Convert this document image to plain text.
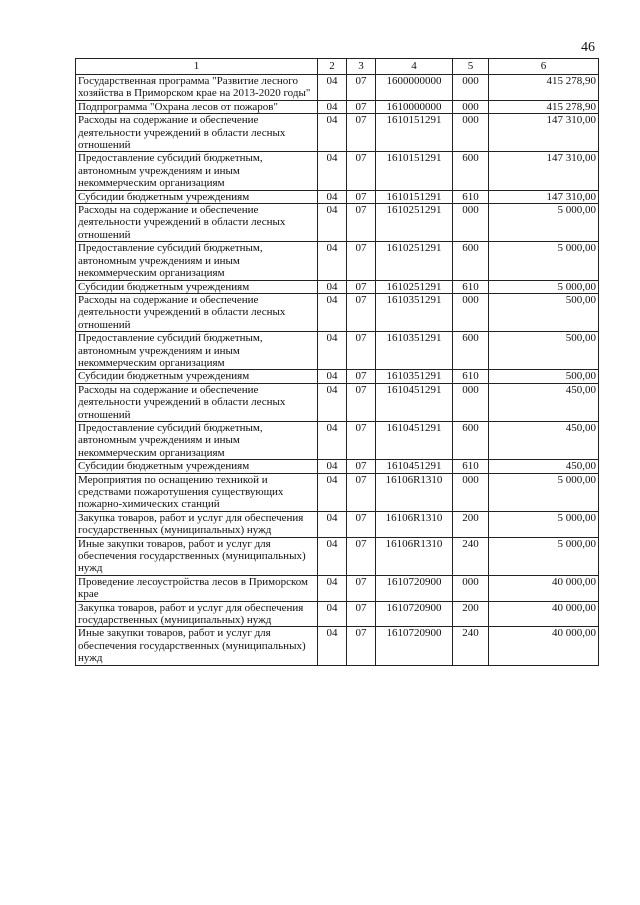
46
1	2	3	4	5	6
Государственная программа "Развитие лесного хозяйства в Приморском крае на 2013-2020 годы"	04	07	1600000000	000	415 278,90
Подпрограмма "Охрана лесов от пожаров"	04	07	1610000000	000	415 278,90
Расходы на содержание и обеспечение деятельности учреждений в области лесных отношений	04	07	1610151291	000	147 310,00
Предоставление субсидий бюджетным, автономным учреждениям и иным некоммерческим организациям	04	07	1610151291	600	147 310,00
Субсидии бюджетным учреждениям	04	07	1610151291	610	147 310,00
Расходы на содержание и обеспечение деятельности учреждений в области лесных отношений	04	07	1610251291	000	5 000,00
Предоставление субсидий бюджетным, автономным учреждениям и иным некоммерческим организациям	04	07	1610251291	600	5 000,00
Субсидии бюджетным учреждениям	04	07	1610251291	610	5 000,00
Расходы на содержание и обеспечение деятельности учреждений в области лесных отношений	04	07	1610351291	000	500,00
Предоставление субсидий бюджетным, автономным учреждениям и иным некоммерческим организациям	04	07	1610351291	600	500,00
Субсидии бюджетным учреждениям	04	07	1610351291	610	500,00
Расходы на содержание и обеспечение деятельности учреждений в области лесных отношений	04	07	1610451291	000	450,00
Предоставление субсидий бюджетным, автономным учреждениям и иным некоммерческим организациям	04	07	1610451291	600	450,00
Субсидии бюджетным учреждениям	04	07	1610451291	610	450,00
Мероприятия по оснащению техникой и средствами пожаротушения существующих пожарно-химических станций	04	07	16106R1310	000	5 000,00
Закупка товаров, работ и услуг для обеспечения государственных (муниципальных) нужд	04	07	16106R1310	200	5 000,00
Иные закупки товаров, работ и услуг для обеспечения государственных (муниципальных) нужд	04	07	16106R1310	240	5 000,00
Проведение лесоустройства лесов в Приморском крае	04	07	1610720900	000	40 000,00
Закупка товаров, работ и услуг для обеспечения государственных (муниципальных) нужд	04	07	1610720900	200	40 000,00
Иные закупки товаров, работ и услуг для обеспечения государственных (муниципальных) нужд	04	07	1610720900	240	40 000,00
